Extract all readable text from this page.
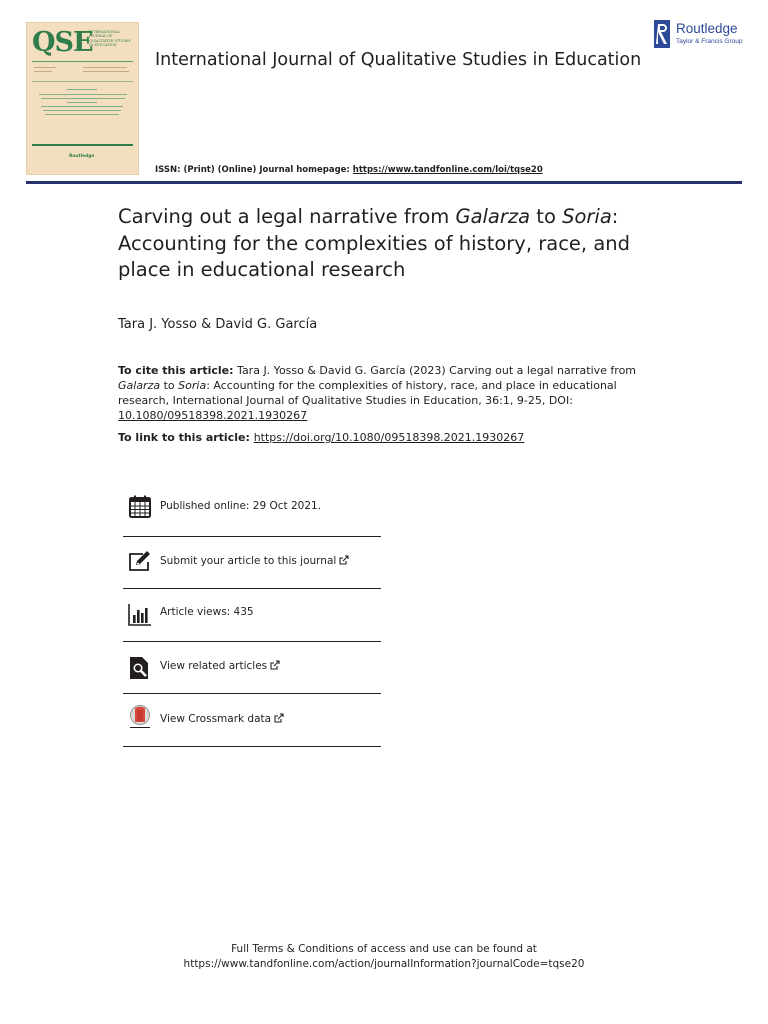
QSE
INTERNATIONAL JOURNAL OF QUALITATIVE STUDIES IN EDUCATION
Routledge
International Journal of Qualitative Studies in Education
Routledge
Taylor & Francis Group
ISSN: (Print) (Online) Journal homepage: https://www.tandfonline.com/loi/tqse20
Carving out a legal narrative from Galarza to Soria: Accounting for the complexities of history, race, and place in educational research
Tara J. Yosso & David G. García
To cite this article: Tara J. Yosso & David G. García (2023) Carving out a legal narrative from Galarza to Soria: Accounting for the complexities of history, race, and place in educational research, International Journal of Qualitative Studies in Education, 36:1, 9-25, DOI: 10.1080/09518398.2021.1930267
To link to this article: https://doi.org/10.1080/09518398.2021.1930267
Published online: 29 Oct 2021.
Submit your article to this journal
Article views: 435
View related articles
View Crossmark data
Full Terms & Conditions of access and use can be found at
https://www.tandfonline.com/action/journalInformation?journalCode=tqse20
